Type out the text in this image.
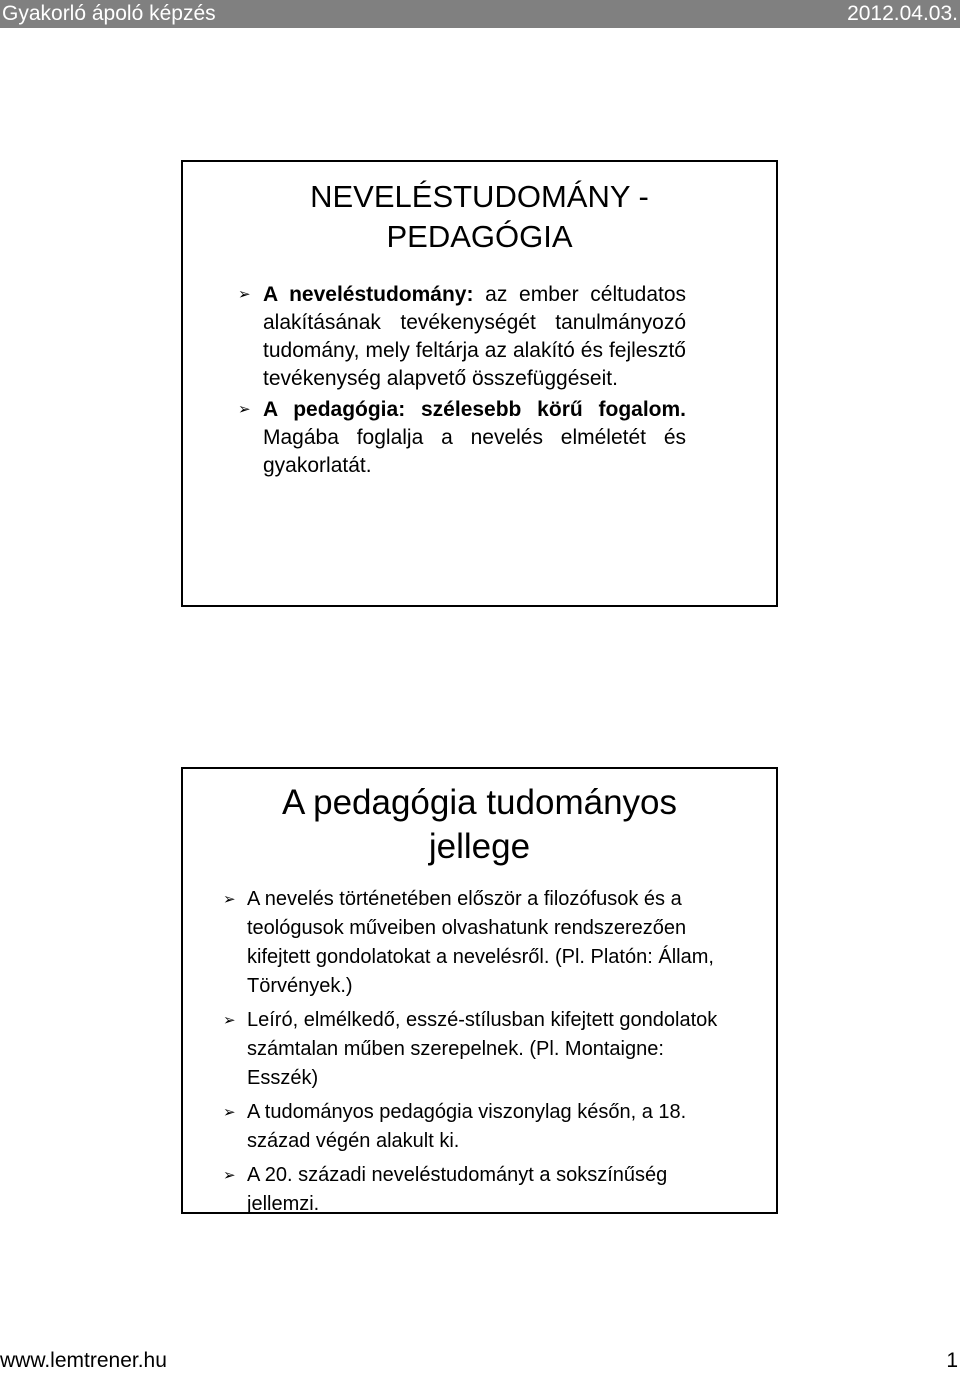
Gyakorló ápoló képzés	2012.04.03.
NEVELÉSTUDOMÁNY -
PEDAGÓGIA
➢ A neveléstudomány: az ember céltudatos alakításának tevékenységét tanulmányozó tudomány, mely feltárja az alakító és fejlesztő tevékenység alapvető összefüggéseit.
➢ A pedagógia: szélesebb körű fogalom. Magába foglalja a nevelés elméletét és gyakorlatát.
A pedagógia tudományos
jellege
➢ A nevelés történetében először a filozófusok és a teológusok műveiben olvashatunk rendszerezően kifejtett gondolatokat a nevelésről. (Pl. Platón: Állam, Törvények.)
➢ Leíró, elmélkedő, esszé-stílusban kifejtett gondolatok számtalan műben szerepelnek. (Pl. Montaigne: Esszék)
➢ A tudományos pedagógia viszonylag későn, a 18. század végén alakult ki.
➢ A 20. századi neveléstudományt a sokszínűség jellemzi.
www.lemtrener.hu	1
